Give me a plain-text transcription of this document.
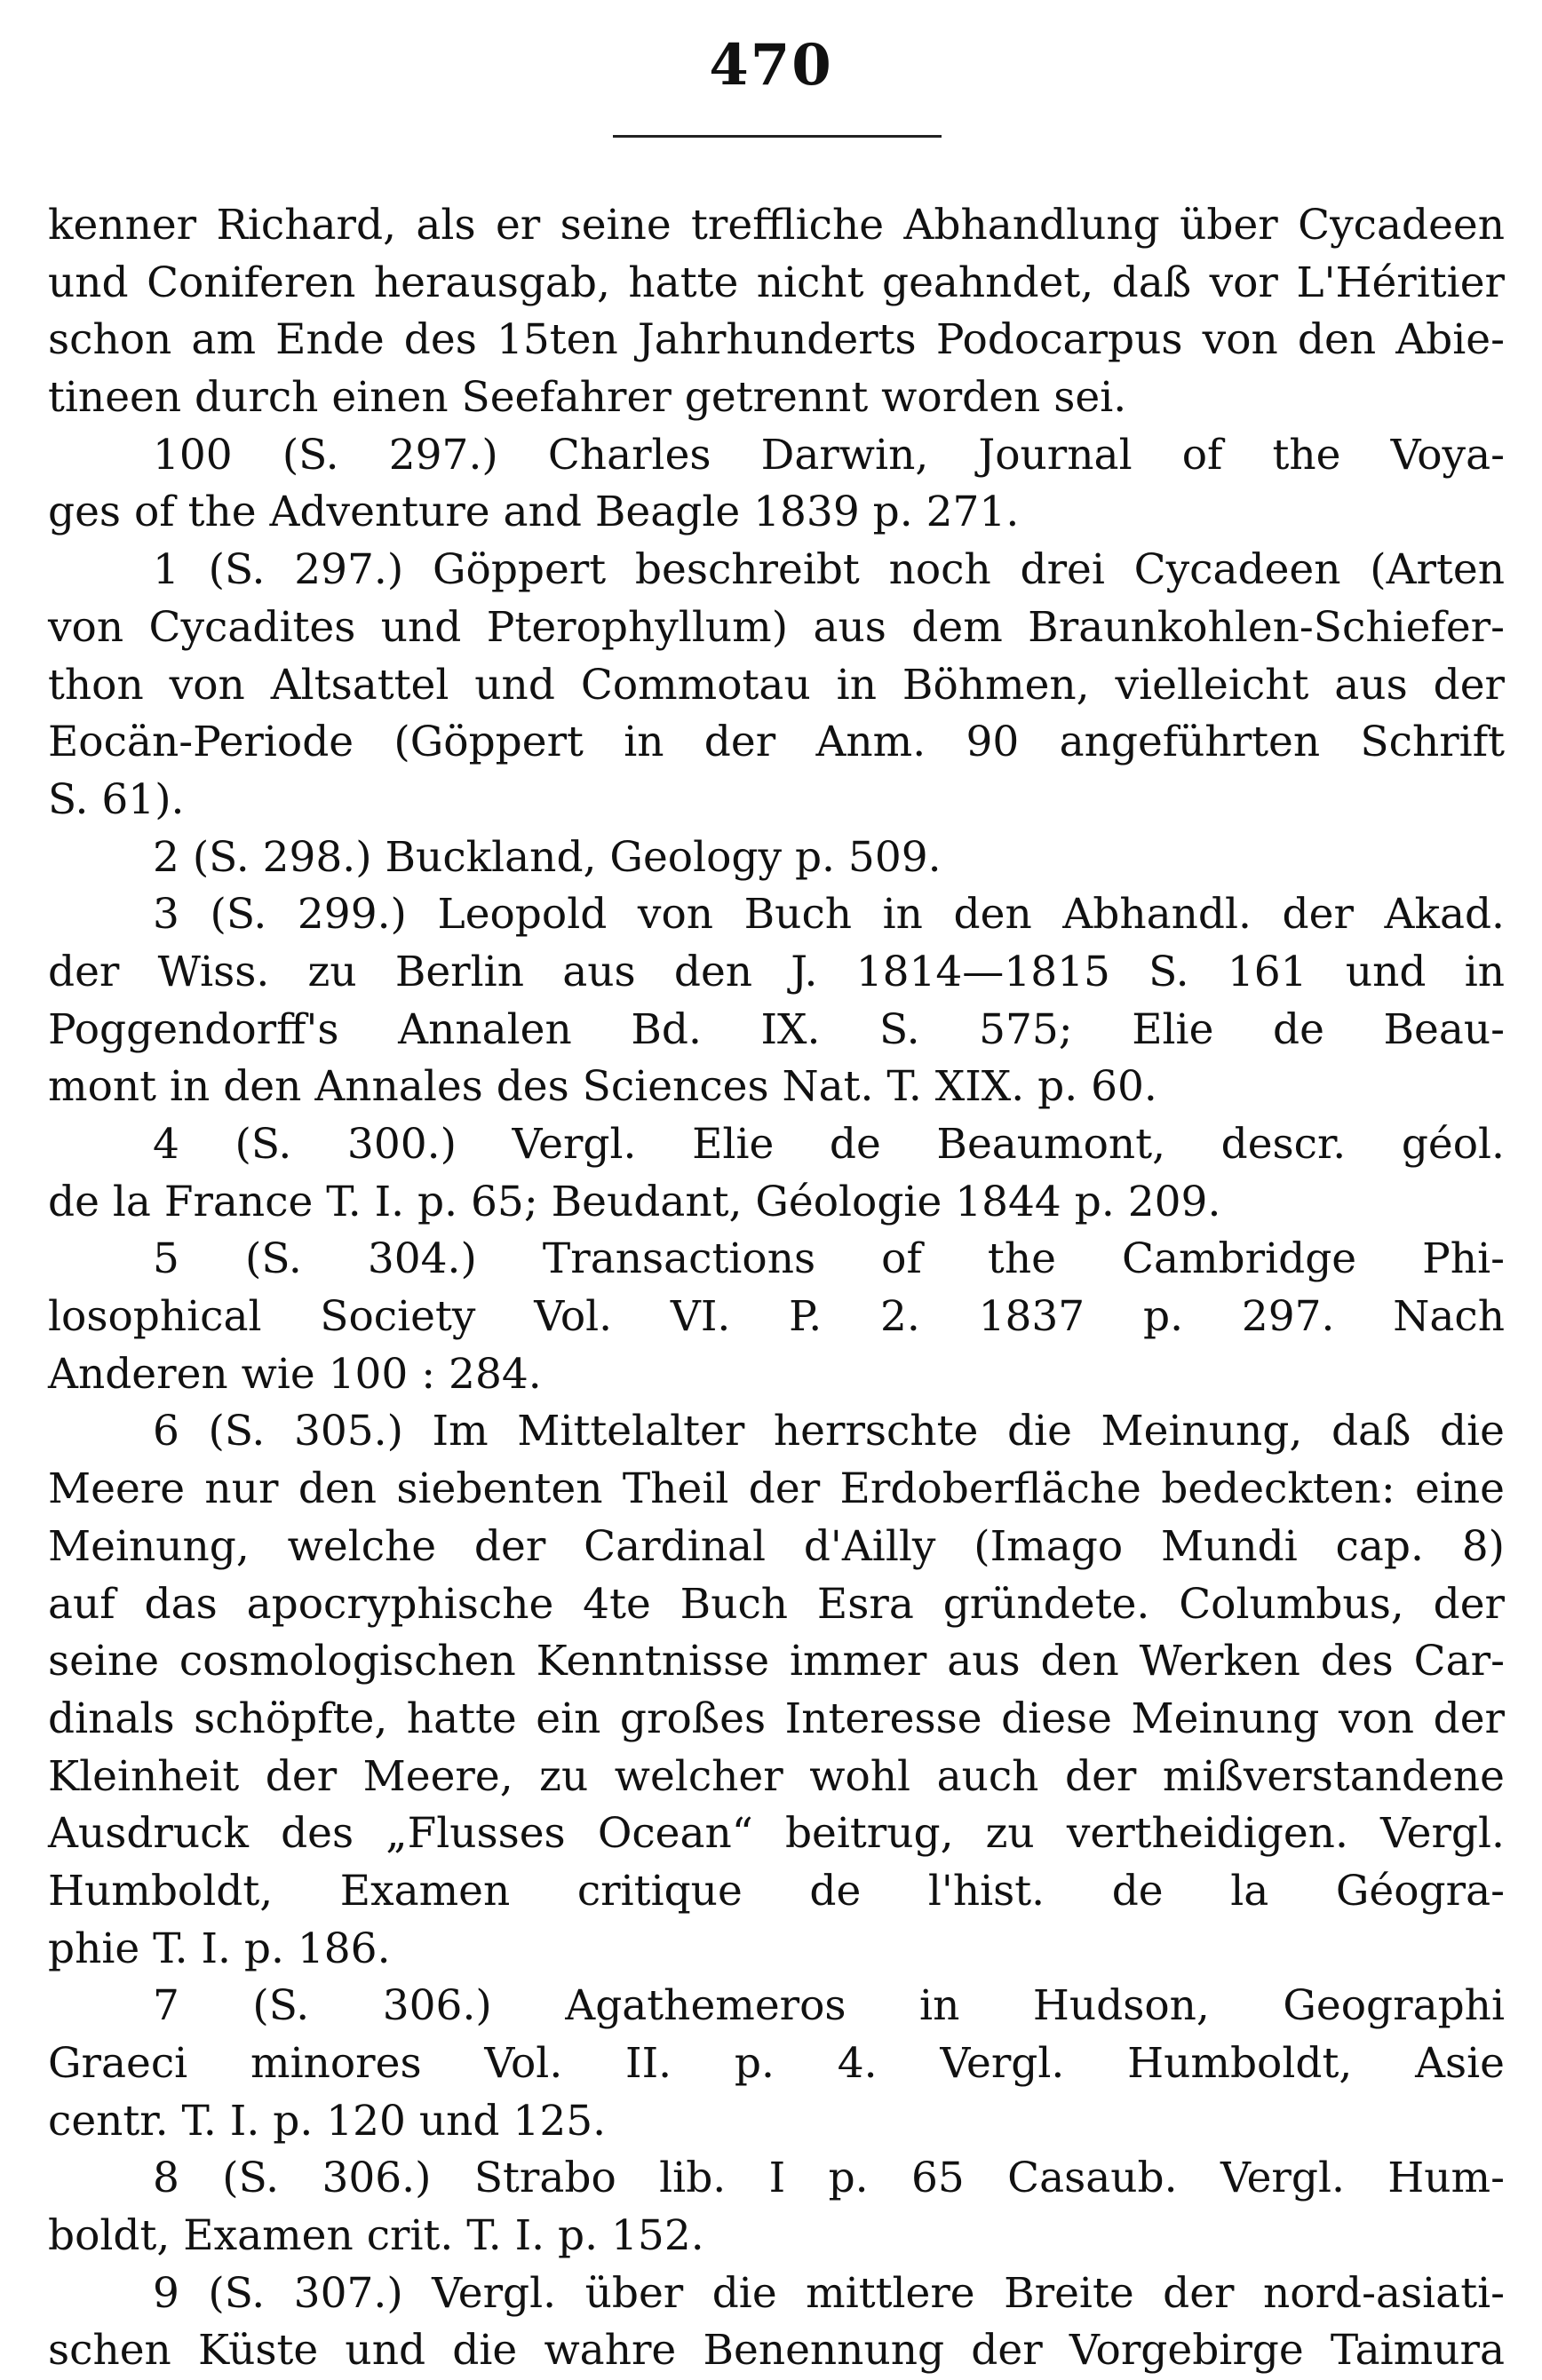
470
kenner Richard, als er seine treffliche Abhandlung über Cycadeen
und Coniferen herausgab, hatte nicht geahndet, daß vor L'Héritier
schon am Ende des 15ten Jahrhunderts Podocarpus von den Abie-
tineen durch einen Seefahrer getrennt worden sei.
100 (S. 297.) Charles Darwin, Journal of the Voya-
ges of the Adventure and Beagle 1839 p. 271.
1 (S. 297.) Göppert beschreibt noch drei Cycadeen (Arten
von Cycadites und Pterophyllum) aus dem Braunkohlen-Schiefer-
thon von Altsattel und Commotau in Böhmen, vielleicht aus der
Eocän-Periode (Göppert in der Anm. 90 angeführten Schrift
S. 61).
2 (S. 298.) Buckland, Geology p. 509.
3 (S. 299.) Leopold von Buch in den Abhandl. der Akad.
der Wiss. zu Berlin aus den J. 1814—1815 S. 161 und in
Poggendorff's Annalen Bd. IX. S. 575; Elie de Beau-
mont in den Annales des Sciences Nat. T. XIX. p. 60.
4 (S. 300.) Vergl. Elie de Beaumont, descr. géol.
de la France T. I. p. 65; Beudant, Géologie 1844 p. 209.
5 (S. 304.) Transactions of the Cambridge Phi-
losophical Society Vol. VI. P. 2. 1837 p. 297. Nach
Anderen wie 100 : 284.
6 (S. 305.) Im Mittelalter herrschte die Meinung, daß die
Meere nur den siebenten Theil der Erdoberfläche bedeckten: eine
Meinung, welche der Cardinal d'Ailly (Imago Mundi cap. 8)
auf das apocryphische 4te Buch Esra gründete. Columbus, der
seine cosmologischen Kenntnisse immer aus den Werken des Car-
dinals schöpfte, hatte ein großes Interesse diese Meinung von der
Kleinheit der Meere, zu welcher wohl auch der mißverstandene
Ausdruck des „Flusses Ocean“ beitrug, zu vertheidigen. Vergl.
Humboldt, Examen critique de l'hist. de la Géogra-
phie T. I. p. 186.
7 (S. 306.) Agathemeros in Hudson, Geographi
Graeci minores Vol. II. p. 4. Vergl. Humboldt, Asie
centr. T. I. p. 120 und 125.
8 (S. 306.) Strabo lib. I p. 65 Casaub. Vergl. Hum-
boldt, Examen crit. T. I. p. 152.
9 (S. 307.) Vergl. über die mittlere Breite der nord-asiati-
schen Küste und die wahre Benennung der Vorgebirge Taimura
